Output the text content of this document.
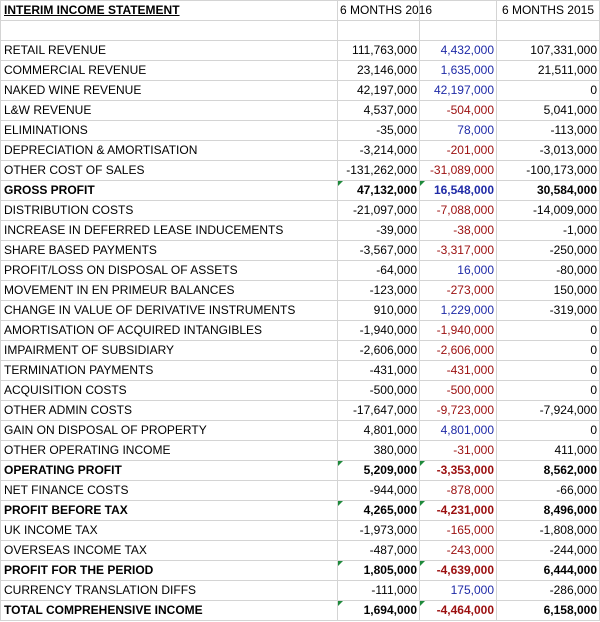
INTERIM INCOME STATEMENT	6 MONTHS 2016		6 MONTHS 2015

RETAIL REVENUE	111,763,000	4,432,000	107,331,000
COMMERCIAL REVENUE	23,146,000	1,635,000	21,511,000
NAKED WINE REVENUE	42,197,000	42,197,000	0
L&W REVENUE	4,537,000	-504,000	5,041,000
ELIMINATIONS	-35,000	78,000	-113,000
DEPRECIATION & AMORTISATION	-3,214,000	-201,000	-3,013,000
OTHER COST OF SALES	-131,262,000	-31,089,000	-100,173,000
GROSS PROFIT	47,132,000	16,548,000	30,584,000
DISTRIBUTION COSTS	-21,097,000	-7,088,000	-14,009,000
INCREASE IN DEFERRED LEASE INDUCEMENTS	-39,000	-38,000	-1,000
SHARE BASED PAYMENTS	-3,567,000	-3,317,000	-250,000
PROFIT/LOSS ON DISPOSAL OF ASSETS	-64,000	16,000	-80,000
MOVEMENT IN EN PRIMEUR BALANCES	-123,000	-273,000	150,000
CHANGE IN VALUE OF DERIVATIVE INSTRUMENTS	910,000	1,229,000	-319,000
AMORTISATION OF ACQUIRED INTANGIBLES	-1,940,000	-1,940,000	0
IMPAIRMENT OF SUBSIDIARY	-2,606,000	-2,606,000	0
TERMINATION PAYMENTS	-431,000	-431,000	0
ACQUISITION COSTS	-500,000	-500,000	0
OTHER ADMIN COSTS	-17,647,000	-9,723,000	-7,924,000
GAIN ON DISPOSAL OF PROPERTY	4,801,000	4,801,000	0
OTHER OPERATING INCOME	380,000	-31,000	411,000
OPERATING PROFIT	5,209,000	-3,353,000	8,562,000
NET FINANCE COSTS	-944,000	-878,000	-66,000
PROFIT BEFORE TAX	4,265,000	-4,231,000	8,496,000
UK INCOME TAX	-1,973,000	-165,000	-1,808,000
OVERSEAS INCOME TAX	-487,000	-243,000	-244,000
PROFIT FOR THE PERIOD	1,805,000	-4,639,000	6,444,000
CURRENCY TRANSLATION DIFFS	-111,000	175,000	-286,000
TOTAL COMPREHENSIVE INCOME	1,694,000	-4,464,000	6,158,000
